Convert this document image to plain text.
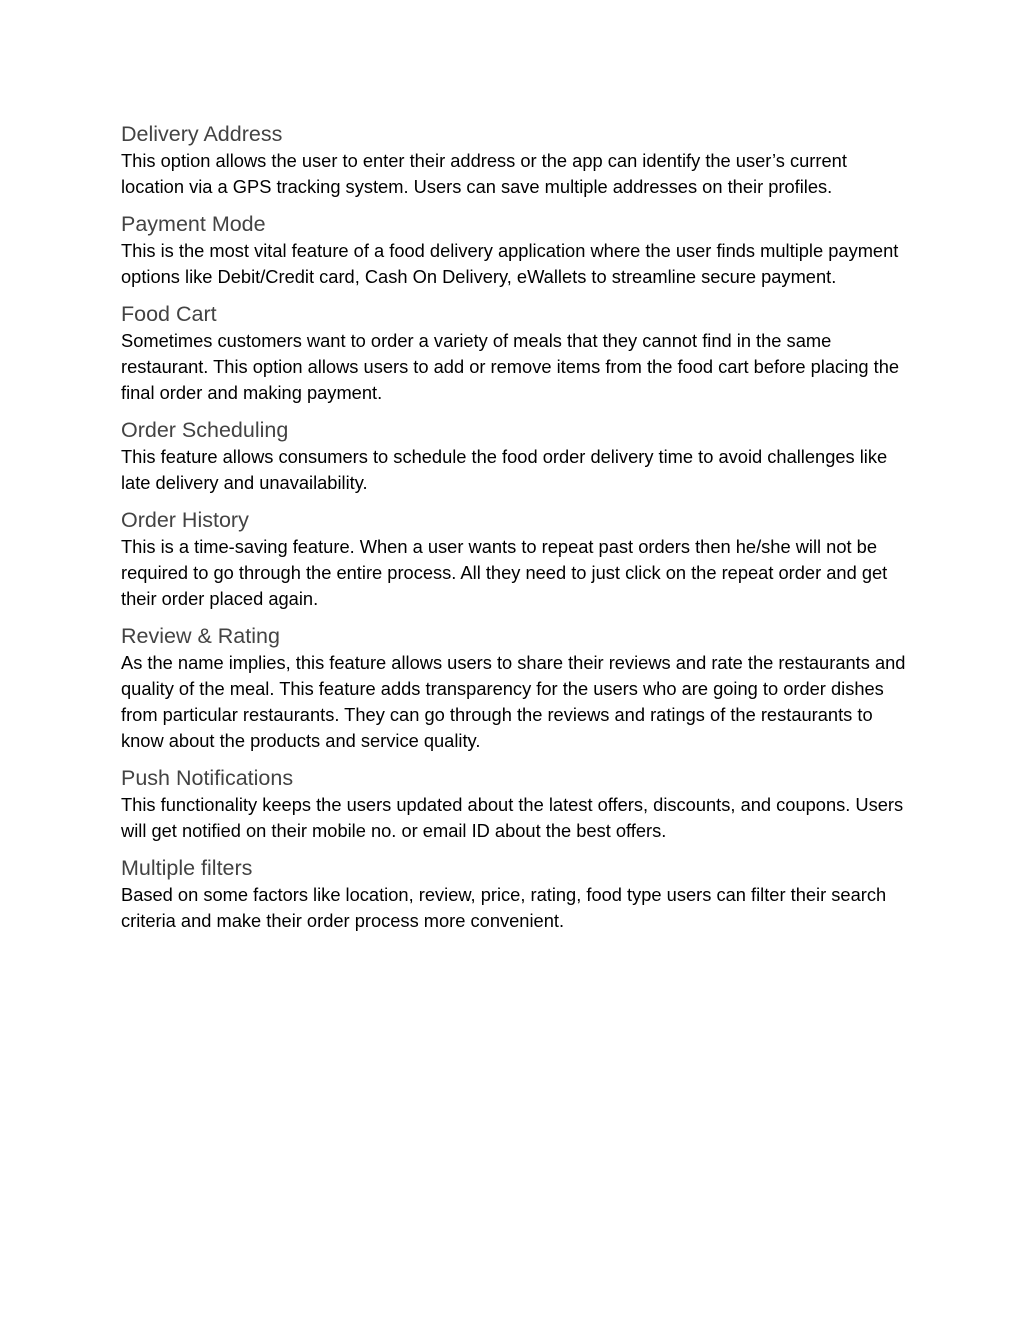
Delivery Address

This option allows the user to enter their address or the app can identify the user’s current location via a GPS tracking system. Users can save multiple addresses on their profiles.

Payment Mode

This is the most vital feature of a food delivery application where the user finds multiple payment options like Debit/Credit card, Cash On Delivery, eWallets to streamline secure payment.

Food Cart

Sometimes customers want to order a variety of meals that they cannot find in the same restaurant. This option allows users to add or remove items from the food cart before placing the final order and making payment.

Order Scheduling

This feature allows consumers to schedule the food order delivery time to avoid challenges like late delivery and unavailability.

Order History

This is a time-saving feature. When a user wants to repeat past orders then he/she will not be required to go through the entire process. All they need to just click on the repeat order and get their order placed again.

Review & Rating

As the name implies, this feature allows users to share their reviews and rate the restaurants and quality of the meal. This feature adds transparency for the users who are going to order dishes from particular restaurants. They can go through the reviews and ratings of the restaurants to know about the products and service quality.

Push Notifications

This functionality keeps the users updated about the latest offers, discounts, and coupons. Users will get notified on their mobile no. or email ID about the best offers.

Multiple filters

Based on some factors like location, review, price, rating, food type users can filter their search criteria and make their order process more convenient.
